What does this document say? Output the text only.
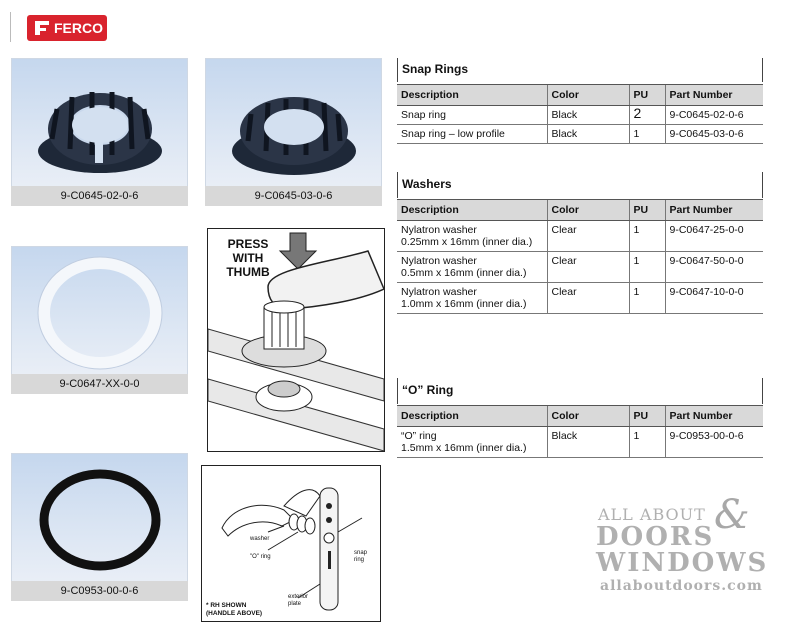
FERCO
9-C0645-02-0-6	9-C0645-03-0-6
9-C0647-XX-0-0
9-C0953-00-0-6
PRESS
WITH
THUMB
washer
"O" ring
snap
ring
exterior
plate
* RH SHOWN
(HANDLE ABOVE)
Snap Rings
Description	Color	PU	Part Number
Snap ring	Black	2	9-C0645-02-0-6
Snap ring – low profile	Black	1	9-C0645-03-0-6
Washers
Description	Color	PU	Part Number

Nylatron washer
0.25mm x 16mm (inner dia.)	Clear	1	9-C0647-25-0-0

Nylatron washer
0.5mm x 16mm (inner dia.)	Clear	1	9-C0647-50-0-0

Nylatron washer
1.0mm x 16mm (inner dia.)	Clear	1	9-C0647-10-0-0
“O” Ring
Description	Color	PU	Part Number

“O” ring
1.5mm x 16mm (inner dia.)	Black	1	9-C0953-00-0-6
ALL ABOUT &
DOORS
WINDOWS
allaboutdoors.com
